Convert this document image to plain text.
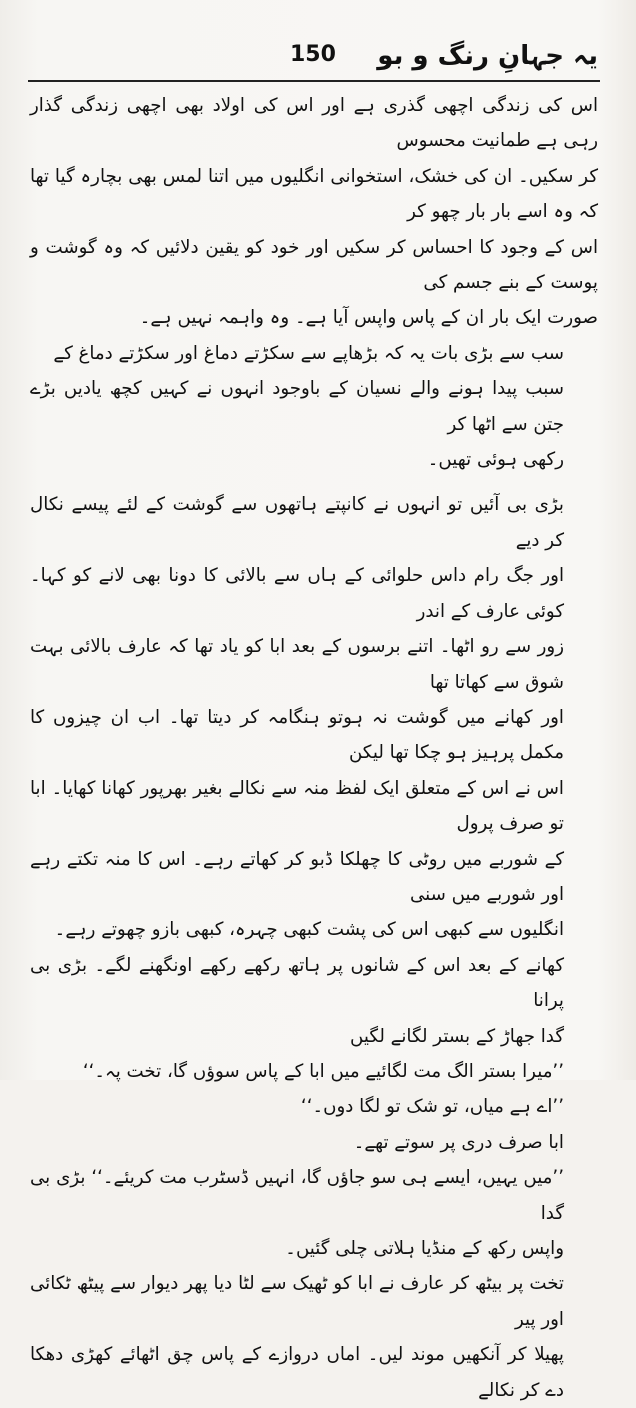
یہ جہانِ رنگ و بو
150

اس کی زندگی اچھی گذری ہے اور اس کی اولاد بھی اچھی زندگی گذار رہی ہے طمانیت محسوس
کر سکیں۔ ان کی خشک، استخوانی انگلیوں میں اتنا لمس بھی بچارہ گیا تھا کہ وہ اسے بار بار چھو کر
اس کے وجود کا احساس کر سکیں اور خود کو یقین دلائیں کہ وہ گوشت و پوست کے بنے جسم کی
صورت ایک بار ان کے پاس واپس آیا ہے۔ وہ واہمہ نہیں ہے۔

سب سے بڑی بات یہ کہ بڑھاپے سے سکڑتے دماغ اور سکڑتے دماغ کے
سبب پیدا ہونے والے نسیان کے باوجود انہوں نے کہیں کچھ یادیں بڑے جتن سے اٹھا کر
رکھی ہوئی تھیں۔

بڑی بی آئیں تو انہوں نے کانپتے ہاتھوں سے گوشت کے لئے پیسے نکال کر دیے
اور جگ رام داس حلوائی کے ہاں سے بالائی کا دونا بھی لانے کو کہا۔ کوئی عارف کے اندر
زور سے رو اٹھا۔ اتنے برسوں کے بعد ابا کو یاد تھا کہ عارف بالائی بہت شوق سے کھاتا تھا
اور کھانے میں گوشت نہ ہوتو ہنگامہ کر دیتا تھا۔ اب ان چیزوں کا مکمل پرہیز ہو چکا تھا لیکن
اس نے اس کے متعلق ایک لفظ منہ سے نکالے بغیر بھرپور کھانا کھایا۔ ابا تو صرف پرول
کے شوربے میں روٹی کا چھلکا ڈبو کر کھاتے رہے۔ اس کا منہ تکتے رہے اور شوربے میں سنی
انگلیوں سے کبھی اس کی پشت کبھی چہرہ، کبھی بازو چھوتے رہے۔

کھانے کے بعد اس کے شانوں پر ہاتھ رکھے رکھے اونگھنے لگے۔ بڑی بی پرانا
گدا جھاڑ کے بستر لگانے لگیں

’’میرا بستر الگ مت لگائیے میں ابا کے پاس سوؤں گا، تخت پہ۔‘‘

’’اے ہے میاں، تو شک تو لگا دوں۔‘‘

ابا صرف دری پر سوتے تھے۔

’’میں یہیں، ایسے ہی سو جاؤں گا، انہیں ڈسٹرب مت کریئے۔‘‘ بڑی بی گدا
واپس رکھ کے منڈیا ہلاتی چلی گئیں۔

تخت پر بیٹھ کر عارف نے ابا کو ٹھیک سے لٹا دیا پھر دیوار سے پیٹھ ٹکائی اور پیر
پھیلا کر آنکھیں موند لیں۔ اماں دروازے کے پاس چق اٹھائے کھڑی دھکا دے کر نکالے
